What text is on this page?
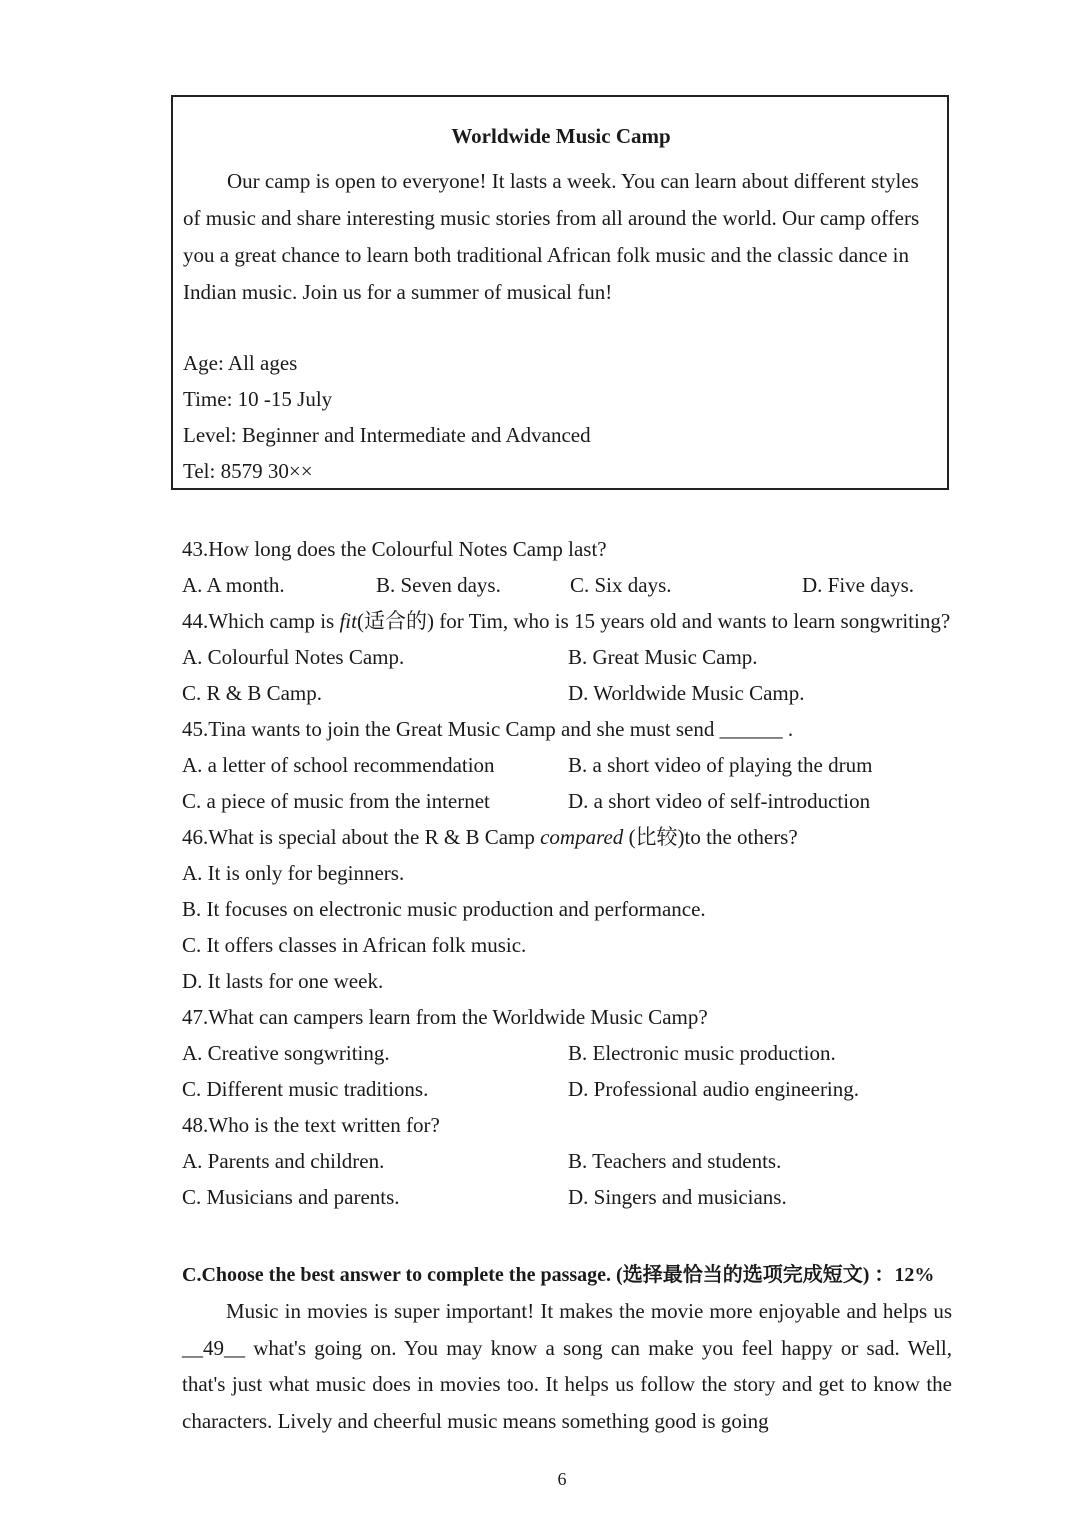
Worldwide Music Camp

Our camp is open to everyone! It lasts a week. You can learn about different styles of music and share interesting music stories from all around the world. Our camp offers you a great chance to learn both traditional African folk music and the classic dance in Indian music. Join us for a summer of musical fun!

Age: All ages
Time: 10 -15 July
Level: Beginner and Intermediate and Advanced
Tel: 8579 30××
43.How long does the Colourful Notes Camp last?
A. A month.	B. Seven days.	C. Six days.	D. Five days.
44.Which camp is fit(适合的) for Tim, who is 15 years old and wants to learn songwriting?
A. Colourful Notes Camp.	B. Great Music Camp.
C. R & B Camp.	D. Worldwide Music Camp.
45.Tina wants to join the Great Music Camp and she must send ______ .
A. a letter of school recommendation	B. a short video of playing the drum
C. a piece of music from the internet	D. a short video of self-introduction
46.What is special about the R & B Camp compared (比较)to the others?
A. It is only for beginners.
B. It focuses on electronic music production and performance.
C. It offers classes in African folk music.
D. It lasts for one week.
47.What can campers learn from the Worldwide Music Camp?
A. Creative songwriting.	B. Electronic music production.
C. Different music traditions.	D. Professional audio engineering.
48.Who is the text written for?
A. Parents and children.	B. Teachers and students.
C. Musicians and parents.	D. Singers and musicians.
C.Choose the best answer to complete the passage. (选择最恰当的选项完成短文) ：12%

Music in movies is super important! It makes the movie more enjoyable and helps us __49__ what's going on. You may know a song can make you feel happy or sad. Well, that's just what music does in movies too. It helps us follow the story and get to know the characters. Lively and cheerful music means something good is going

6
